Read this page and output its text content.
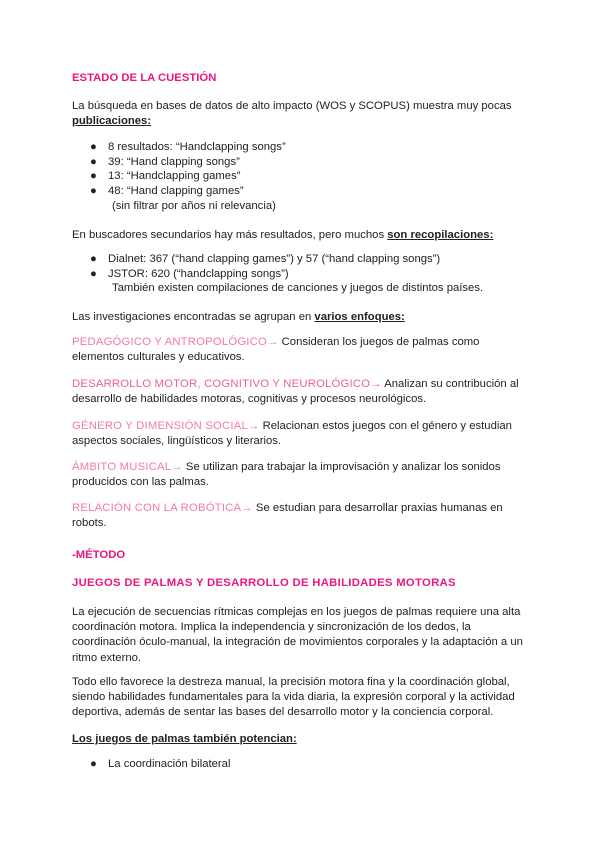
ESTADO DE LA CUESTIÓN
La búsqueda en bases de datos de alto impacto (WOS y SCOPUS) muestra muy pocas
publicaciones:
● 8 resultados: “Handclapping songs”
● 39: “Hand clapping songs”
● 13: “Handclapping games”
● 48: “Hand clapping games”
(sin filtrar por años ni relevancia)
En buscadores secundarios hay más resultados, pero muchos son recopilaciones:
● Dialnet: 367 (“hand clapping games”) y 57 (“hand clapping songs”)
● JSTOR: 620 (“handclapping songs”)
También existen compilaciones de canciones y juegos de distintos países.
Las investigaciones encontradas se agrupan en varios enfoques:
PEDAGÓGICO Y ANTROPOLÓGICO→ Consideran los juegos de palmas como elementos culturales y educativos.
DESARROLLO MOTOR, COGNITIVO Y NEUROLÓGICO→ Analizan su contribución al desarrollo de habilidades motoras, cognitivas y procesos neurológicos.
GÉNERO Y DIMENSIÓN SOCIAL→ Relacionan estos juegos con el género y estudian aspectos sociales, lingüísticos y literarios.
ÁMBITO MUSICAL→ Se utilizan para trabajar la improvisación y analizar los sonidos producidos con las palmas.
RELACIÓN CON LA ROBÓTICA→ Se estudian para desarrollar praxias humanas en robots.
-MÉTODO
JUEGOS DE PALMAS Y DESARROLLO DE HABILIDADES MOTORAS
La ejecución de secuencias rítmicas complejas en los juegos de palmas requiere una alta coordinación motora. Implica la independencia y sincronización de los dedos, la coordinación óculo-manual, la integración de movimientos corporales y la adaptación a un ritmo externo.
Todo ello favorece la destreza manual, la precisión motora fina y la coordinación global, siendo habilidades fundamentales para la vida diaria, la expresión corporal y la actividad deportiva, además de sentar las bases del desarrollo motor y la conciencia corporal.
Los juegos de palmas también potencian:
● La coordinación bilateral
